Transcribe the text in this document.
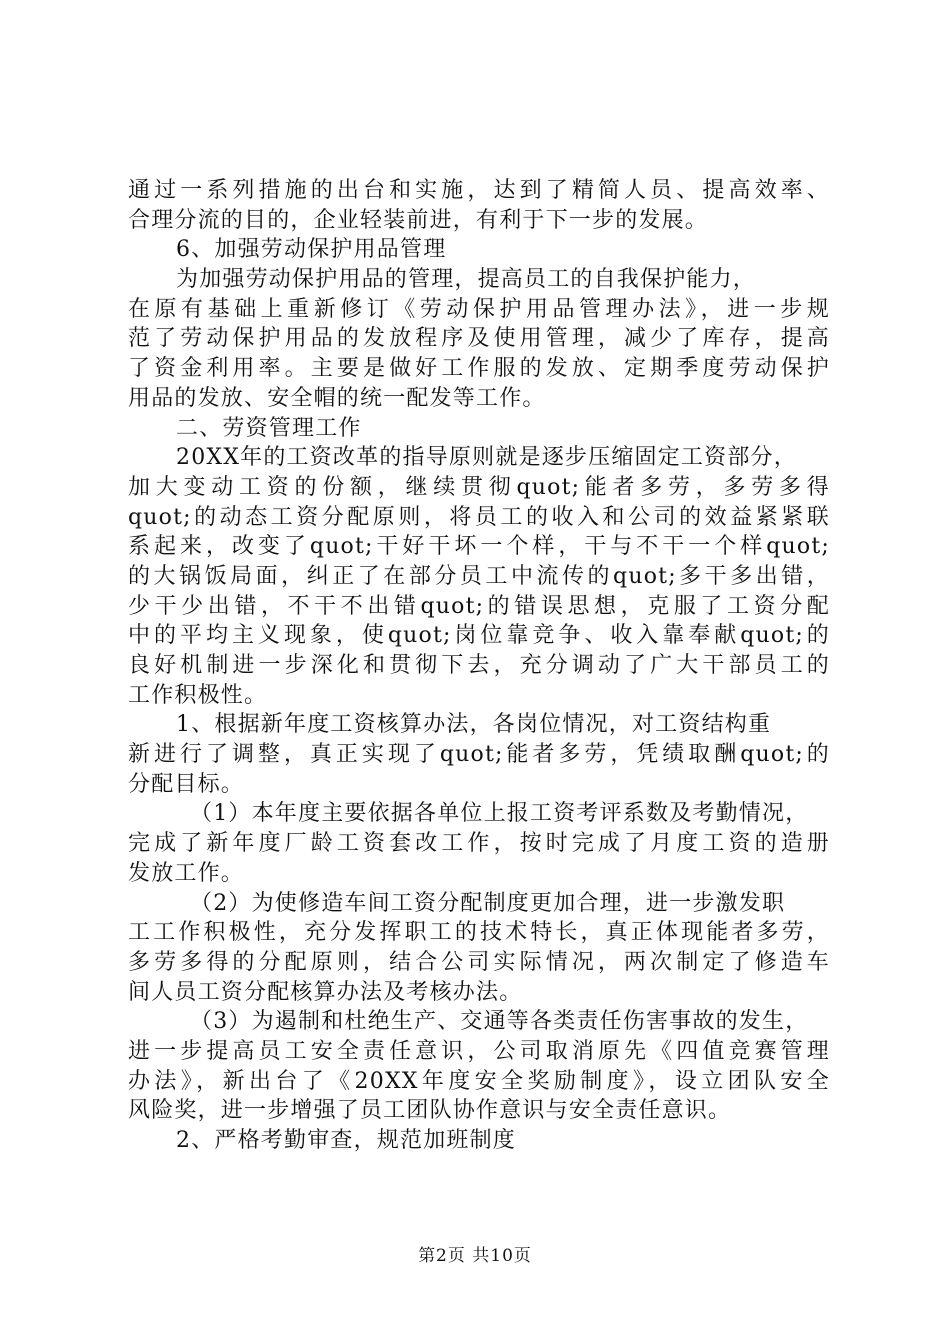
通过一系列措施的出台和实施，达到了精简人员、提高效率、
合理分流的目的，企业轻装前进，有利于下一步的发展。
6、加强劳动保护用品管理
为加强劳动保护用品的管理，提高员工的自我保护能力，
在原有基础上重新修订《劳动保护用品管理办法》，进一步规
范了劳动保护用品的发放程序及使用管理，减少了库存，提高
了资金利用率。主要是做好工作服的发放、定期季度劳动保护
用品的发放、安全帽的统一配发等工作。
二、劳资管理工作
20XX年的工资改革的指导原则就是逐步压缩固定工资部分，
加大变动工资的份额，继续贯彻quot;能者多劳，多劳多得
quot;的动态工资分配原则，将员工的收入和公司的效益紧紧联
系起来，改变了quot;干好干坏一个样，干与不干一个样quot;
的大锅饭局面，纠正了在部分员工中流传的quot;多干多出错，
少干少出错，不干不出错quot;的错误思想，克服了工资分配
中的平均主义现象，使quot;岗位靠竞争、收入靠奉献quot;的
良好机制进一步深化和贯彻下去，充分调动了广大干部员工的
工作积极性。
1、根据新年度工资核算办法，各岗位情况，对工资结构重
新进行了调整，真正实现了quot;能者多劳，凭绩取酬quot;的
分配目标。
（1）本年度主要依据各单位上报工资考评系数及考勤情况，
完成了新年度厂龄工资套改工作，按时完成了月度工资的造册
发放工作。
（2）为使修造车间工资分配制度更加合理，进一步激发职
工工作积极性，充分发挥职工的技术特长，真正体现能者多劳，
多劳多得的分配原则，结合公司实际情况，两次制定了修造车
间人员工资分配核算办法及考核办法。
（3）为遏制和杜绝生产、交通等各类责任伤害事故的发生，
进一步提高员工安全责任意识，公司取消原先《四值竞赛管理
办法》，新出台了《20XX年度安全奖励制度》，设立团队安全
风险奖，进一步增强了员工团队协作意识与安全责任意识。
2、严格考勤审查，规范加班制度
第2页 共10页
